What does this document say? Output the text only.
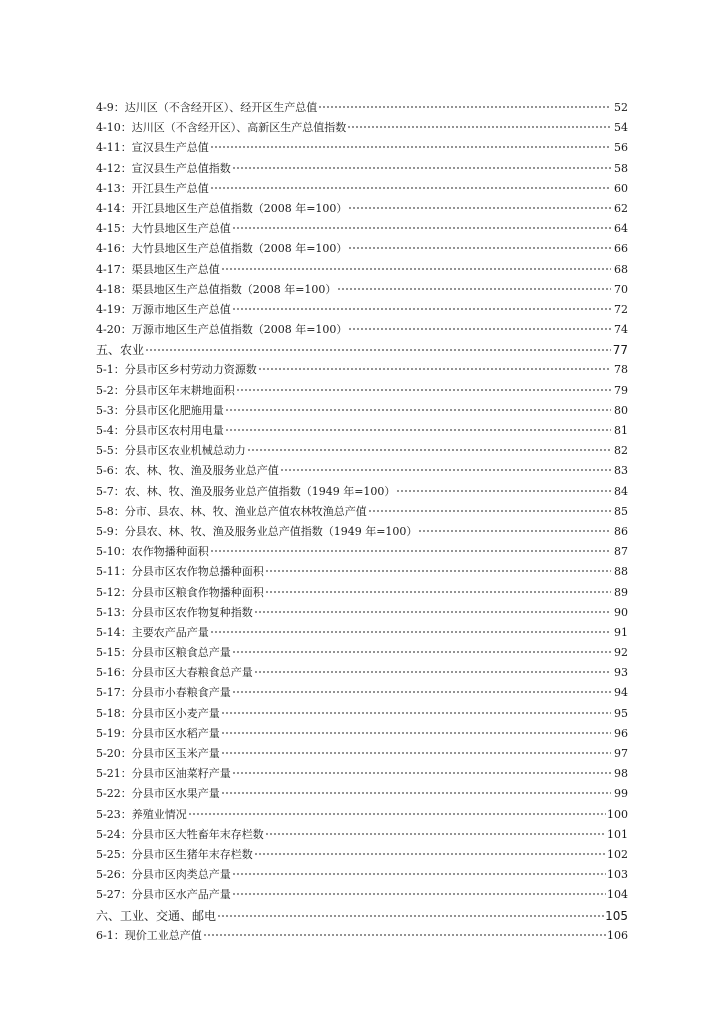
4-9：达川区（不含经开区）、经开区生产总值	52
4-10：达川区（不含经开区）、高新区生产总值指数	54
4-11：宣汉县生产总值	56
4-12：宣汉县生产总值指数	58
4-13：开江县生产总值	60
4-14：开江县地区生产总值指数（2008 年=100）	62
4-15：大竹县地区生产总值	64
4-16：大竹县地区生产总值指数（2008 年=100）	66
4-17：渠县地区生产总值	68
4-18：渠县地区生产总值指数（2008 年=100）	70
4-19：万源市地区生产总值	72
4-20：万源市地区生产总值指数（2008 年=100）	74
五、农业	77
5-1：分县市区乡村劳动力资源数	78
5-2：分县市区年末耕地面积	79
5-3：分县市区化肥施用量	80
5-4：分县市区农村用电量	81
5-5：分县市区农业机械总动力	82
5-6：农、林、牧、渔及服务业总产值	83
5-7：农、林、牧、渔及服务业总产值指数（1949 年=100）	84
5-8：分市、县农、林、牧、渔业总产值农林牧渔总产值	85
5-9：分县农、林、牧、渔及服务业总产值指数（1949 年=100）	86
5-10：农作物播种面积	87
5-11：分县市区农作物总播种面积	88
5-12：分县市区粮食作物播种面积	89
5-13：分县市区农作物复种指数	90
5-14：主要农产品产量	91
5-15：分县市区粮食总产量	92
5-16：分县市区大春粮食总产量	93
5-17：分县市小春粮食产量	94
5-18：分县市区小麦产量	95
5-19：分县市区水稻产量	96
5-20：分县市区玉米产量	97
5-21：分县市区油菜籽产量	98
5-22：分县市区水果产量	99
5-23：养殖业情况	100
5-24：分县市区大牲畜年末存栏数	101
5-25：分县市区生猪年末存栏数	102
5-26：分县市区肉类总产量	103
5-27：分县市区水产品产量	104
六、工业、交通、邮电	105
6-1：现价工业总产值	106
